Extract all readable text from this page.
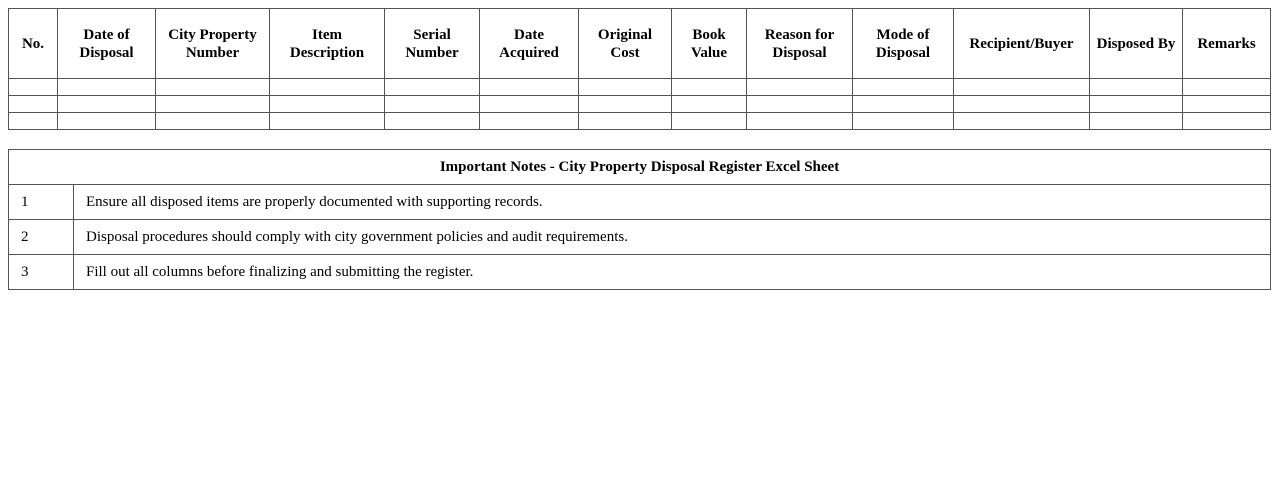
No.	Date of Disposal	City Property Number	Item Description	Serial Number	Date Acquired	Original Cost	Book Value	Reason for Disposal	Mode of Disposal	Recipient/Buyer	Disposed By	Remarks

Important Notes - City Property Disposal Register Excel Sheet	
1	Ensure all disposed items are properly documented with supporting records.
2	Disposal procedures should comply with city government policies and audit requirements.
3	Fill out all columns before finalizing and submitting the register.
